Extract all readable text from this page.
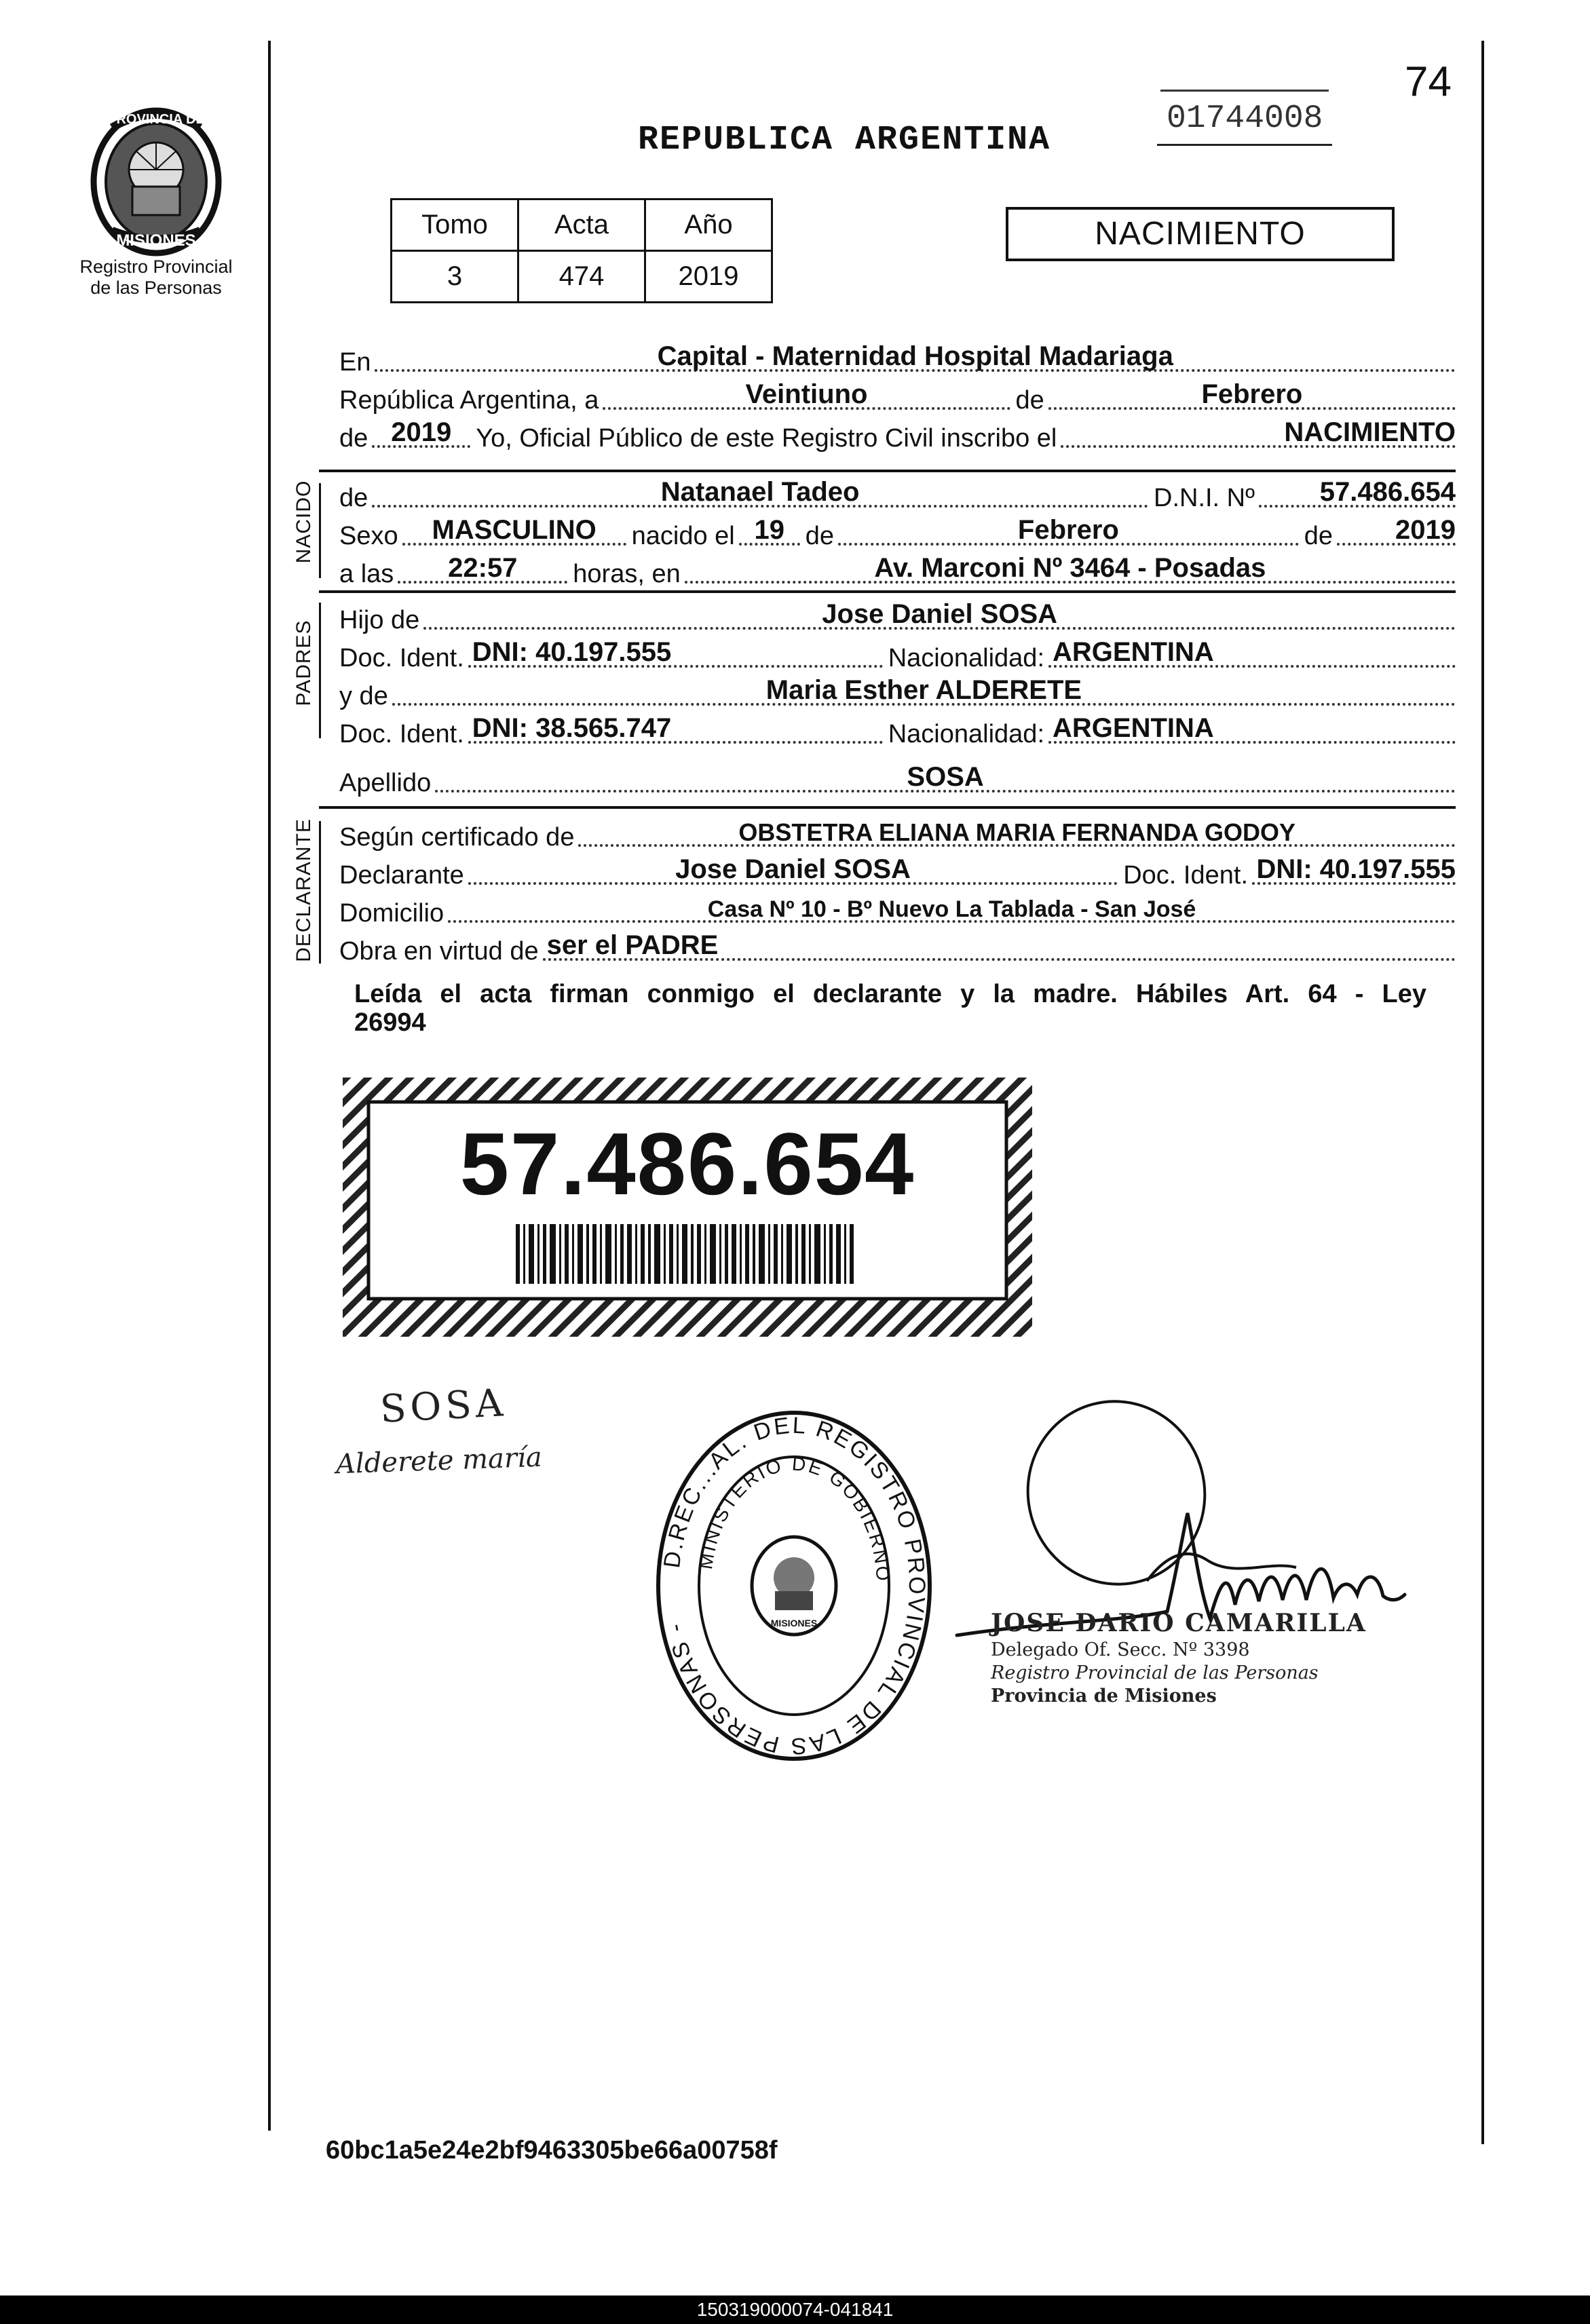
74
REPUBLICA ARGENTINA
01744008
PROVINCIA DE
MISIONES
Registro Provincial
de las Personas
Tomo	Acta	Año
3	474	2019
NACIMIENTO
En	Capital - Maternidad Hospital Madariaga
República Argentina, a	Veintiuno	de	Febrero
de 2019 Yo, Oficial Público de este Registro Civil inscribo el	NACIMIENTO
NACIDO de	Natanael Tadeo	D.N.I. Nº 57.486.654
Sexo	MASCULINO	nacido el 19 de	Febrero	de 2019
a las	22:57	horas, en	Av. Marconi Nº 3464 - Posadas
PADRES Hijo de	Jose Daniel SOSA
Doc. Ident. DNI: 40.197.555	Nacionalidad: ARGENTINA
y de	Maria Esther ALDERETE
Doc. Ident. DNI: 38.565.747	Nacionalidad: ARGENTINA
Apellido	SOSA
DECLARANTE Según certificado de	OBSTETRA ELIANA MARIA FERNANDA GODOY
Declarante	Jose Daniel SOSA	Doc. Ident. DNI: 40.197.555
Domicilio	Casa Nº 10 - Bº Nuevo La Tablada - San José
Obra en virtud de ser el PADRE
Leída el acta firman conmigo el declarante y la madre. Hábiles Art. 64 - Ley
26994
57.486.654
SOSA
Alderete maría
D.REC...AL. DEL REGISTRO PROVINCIAL DE LAS PERSONAS -
MINISTERIO DE GOBIERNO
MISIONES	JOSE DARIO CAMARILLA
Delegado Of. Secc. Nº 3398
Registro Provincial de las Personas
Provincia de Misiones
60bc1a5e24e2bf9463305be66a00758f
150319000074-041841
